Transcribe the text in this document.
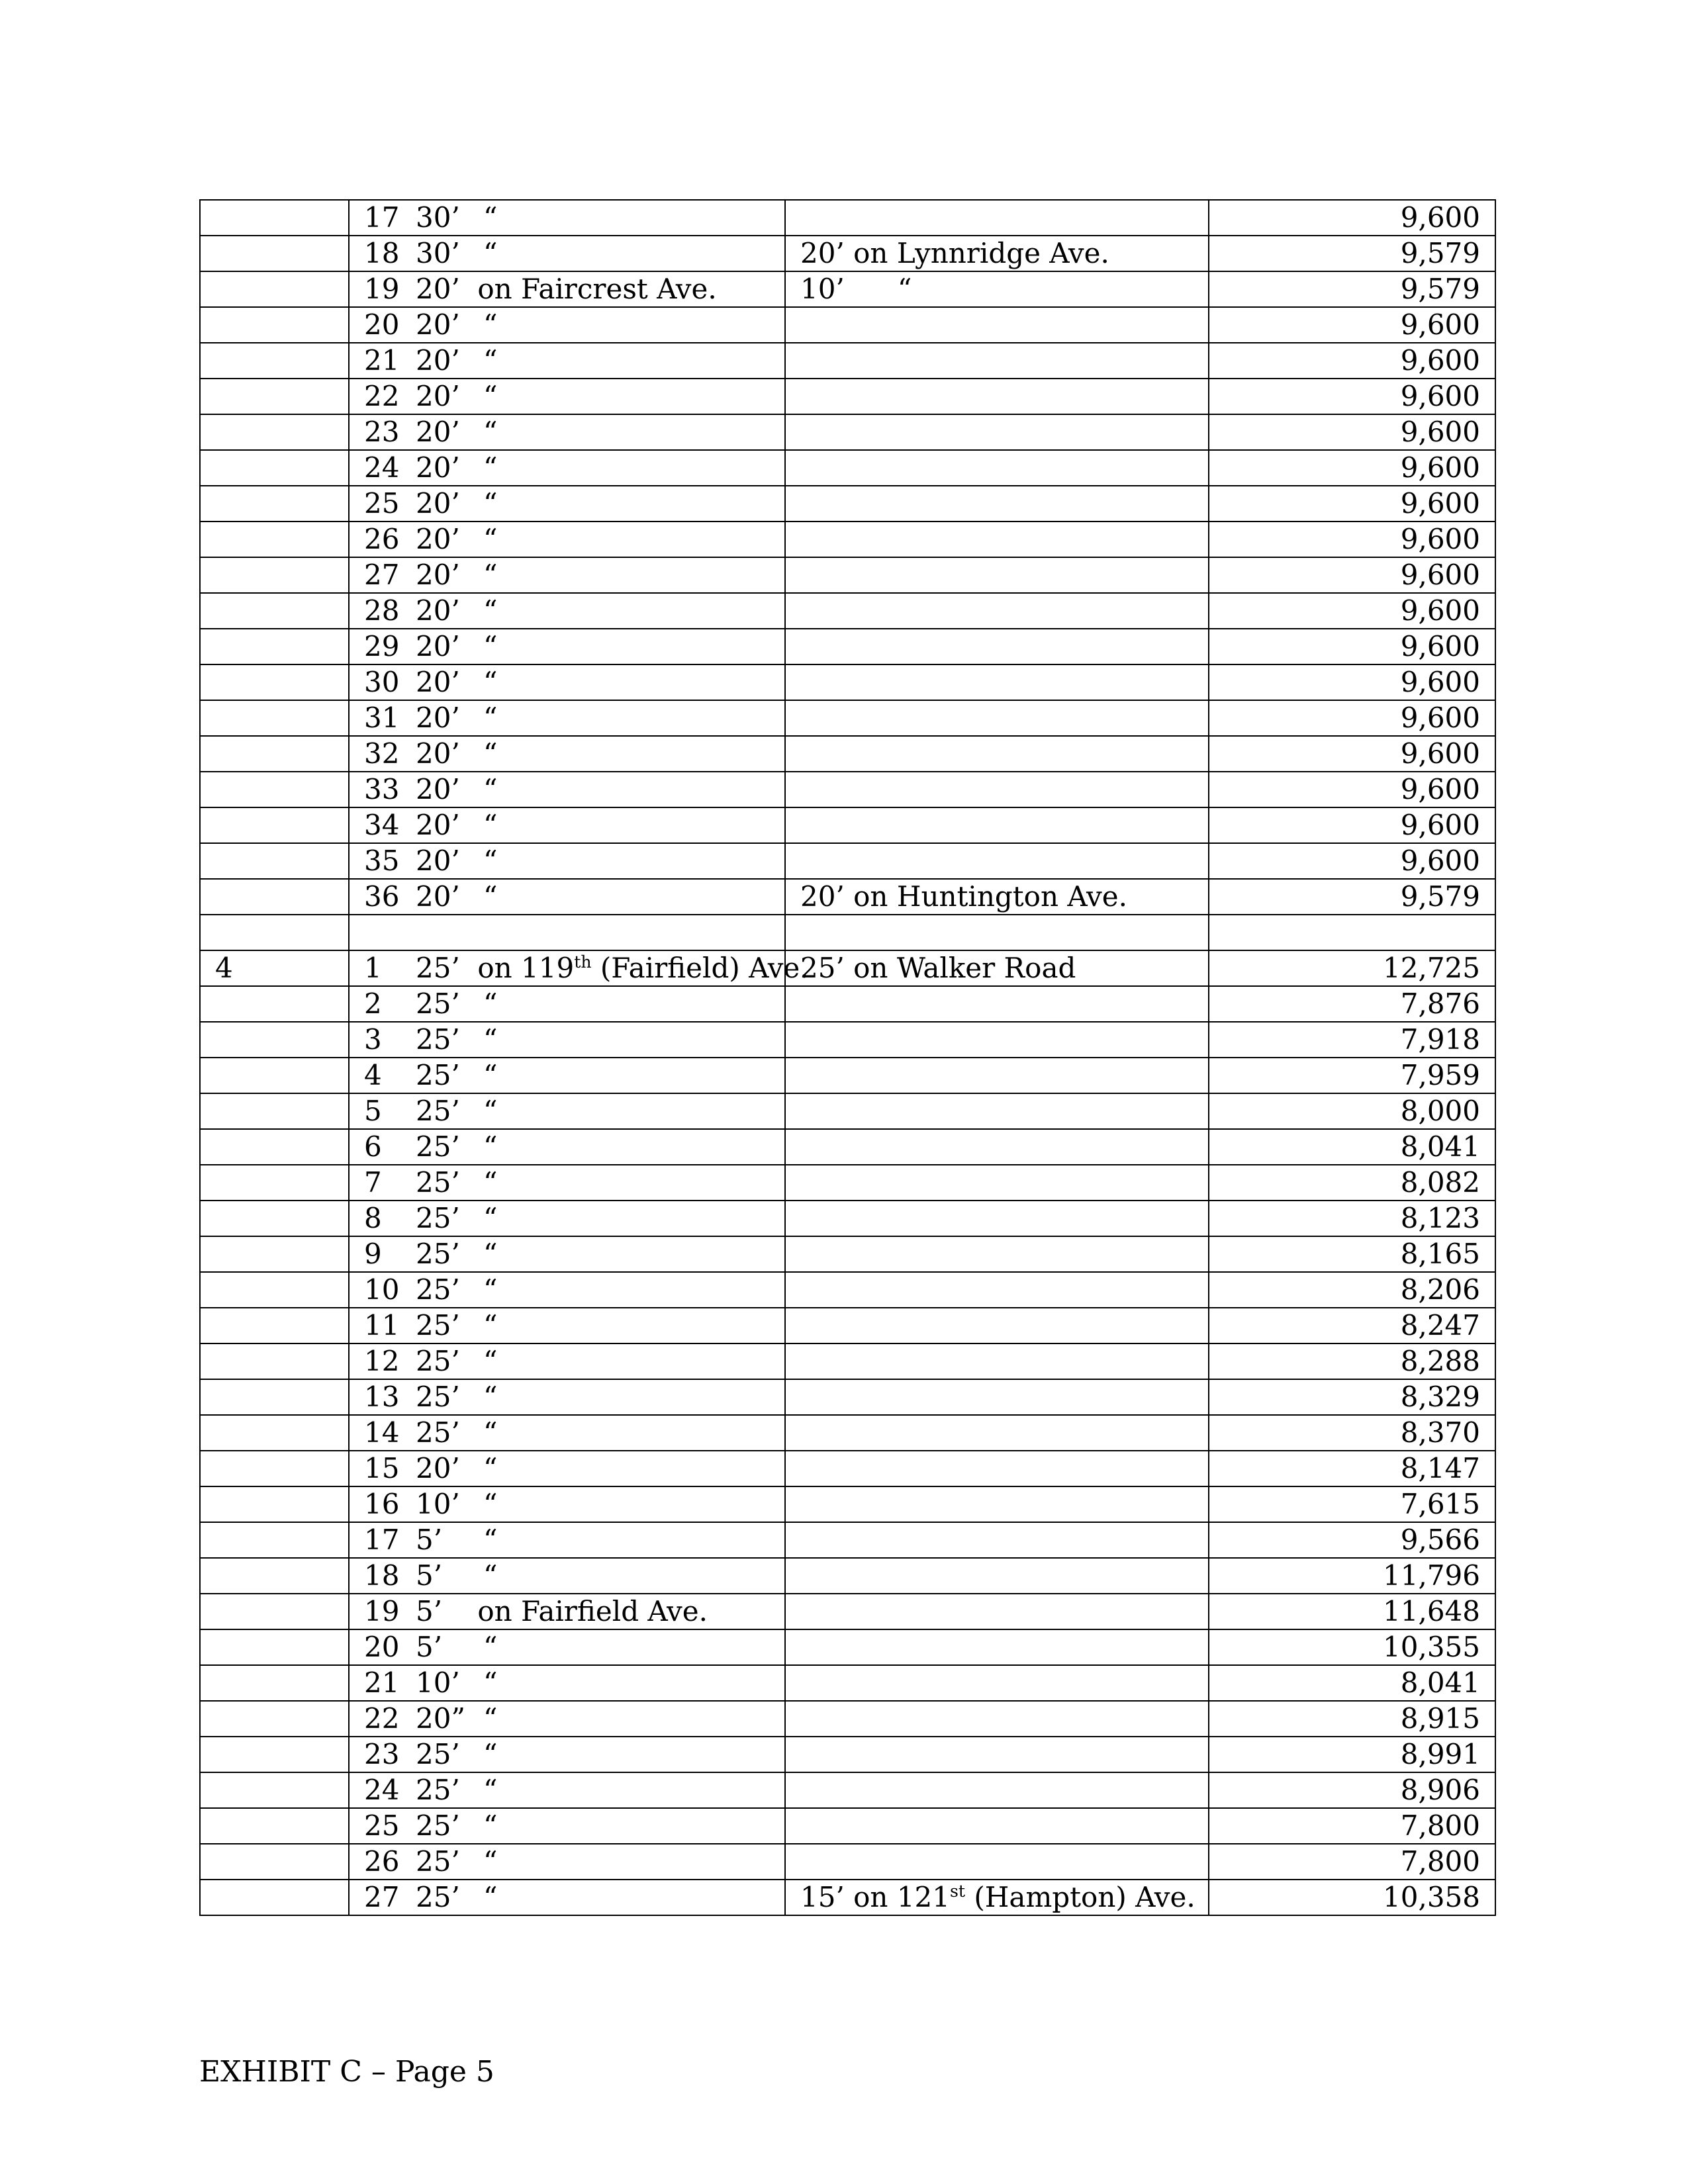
	17 30’ “		9,600
	18 30’ “	20’ on Lynnridge Ave.	9,579
	19 20’ on Faircrest Ave.	10’      “	9,579
	20 20’ “		9,600
	21 20’ “		9,600
	22 20’ “		9,600
	23 20’ “		9,600
	24 20’ “		9,600
	25 20’ “		9,600
	26 20’ “		9,600
	27 20’ “		9,600
	28 20’ “		9,600
	29 20’ “		9,600
	30 20’ “		9,600
	31 20’ “		9,600
	32 20’ “		9,600
	33 20’ “		9,600
	34 20’ “		9,600
	35 20’ “		9,600
	36 20’ “	20’ on Huntington Ave.	9,579

4	1 25’ on 119th (Fairfield) Ave.	25’ on Walker Road	12,725
	2 25’ “		7,876
	3 25’ “		7,918
	4 25’ “		7,959
	5 25’ “		8,000
	6 25’ “		8,041
	7 25’ “		8,082
	8 25’ “		8,123
	9 25’ “		8,165
	10 25’ “		8,206
	11 25’ “		8,247
	12 25’ “		8,288
	13 25’ “		8,329
	14 25’ “		8,370
	15 20’ “		8,147
	16 10’ “		7,615
	17 5’ “		9,566
	18 5’ “		11,796
	19 5’ on Fairfield Ave.		11,648
	20 5’ “		10,355
	21 10’ “		8,041
	22 20” “		8,915
	23 25’ “		8,991
	24 25’ “		8,906
	25 25’ “		7,800
	26 25’ “		7,800
	27 25’ “	15’ on 121st (Hampton) Ave.	10,358
EXHIBIT C – Page 5
